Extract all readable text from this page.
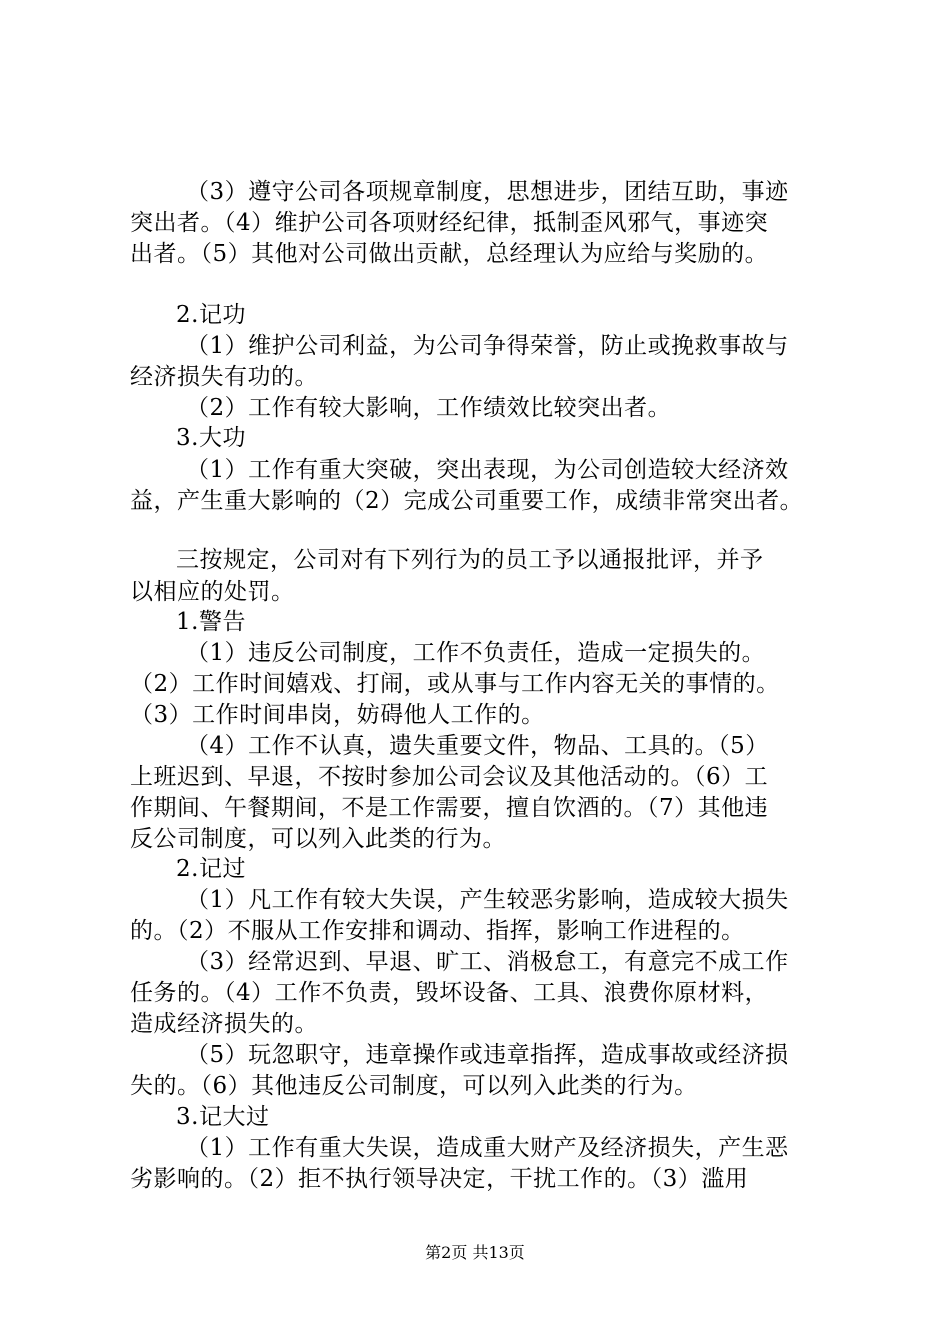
（3）遵守公司各项规章制度，思想进步，团结互助，事迹
突出者。（4）维护公司各项财经纪律，抵制歪风邪气，事迹突
出者。（5）其他对公司做出贡献，总经理认为应给与奖励的。
2.记功
（1）维护公司利益，为公司争得荣誉，防止或挽救事故与
经济损失有功的。
（2）工作有较大影响，工作绩效比较突出者。
3.大功
（1）工作有重大突破，突出表现，为公司创造较大经济效
益，产生重大影响的（2）完成公司重要工作，成绩非常突出者。
三按规定，公司对有下列行为的员工予以通报批评，并予
以相应的处罚。
1.警告
（1）违反公司制度，工作不负责任，造成一定损失的。
（2）工作时间嬉戏、打闹，或从事与工作内容无关的事情的。
（3）工作时间串岗，妨碍他人工作的。
（4）工作不认真，遗失重要文件，物品、工具的。（5）
上班迟到、早退，不按时参加公司会议及其他活动的。（6）工
作期间、午餐期间，不是工作需要，擅自饮酒的。（7）其他违
反公司制度，可以列入此类的行为。
2.记过
（1）凡工作有较大失误，产生较恶劣影响，造成较大损失
的。（2）不服从工作安排和调动、指挥，影响工作进程的。
（3）经常迟到、早退、旷工、消极怠工，有意完不成工作
任务的。（4）工作不负责，毁坏设备、工具、浪费你原材料，
造成经济损失的。
（5）玩忽职守，违章操作或违章指挥，造成事故或经济损
失的。（6）其他违反公司制度，可以列入此类的行为。
3.记大过
（1）工作有重大失误，造成重大财产及经济损失，产生恶
劣影响的。（2）拒不执行领导决定，干扰工作的。（3）滥用
第2页 共13页
